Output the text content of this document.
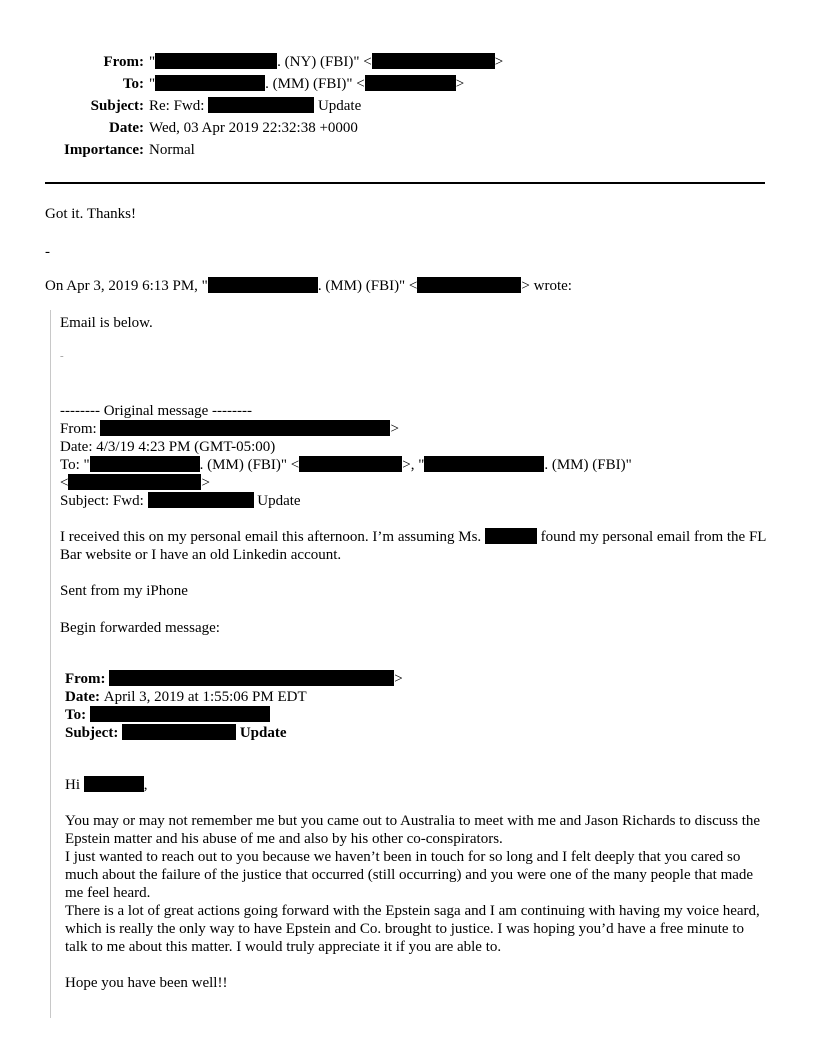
From: "	. (NY) (FBI)" <	>
To: "	. (MM) (FBI)" <	>
Subject: Re: Fwd:	Update
Date: Wed, 03 Apr 2019 22:32:38 +0000
Importance: Normal
Got it. Thanks!
-
On Apr 3, 2019 6:13 PM, "	. (MM) (FBI)" <	> wrote:
Email is below.
-
-------- Original message --------
From:	>
Date: 4/3/19 4:23 PM (GMT-05:00)
To: "	. (MM) (FBI)" <	>, "	. (MM) (FBI)"
<	>
Subject: Fwd:	Update
I received this on my personal email this afternoon. I’m assuming Ms.	found my personal email from the FL Bar website or I have an old Linkedin account.
Sent from my iPhone
Begin forwarded message:
From:	>
Date: April 3, 2019 at 1:55:06 PM EDT
To:
Subject:	Update
Hi	,
You may or may not remember me but you came out to Australia to meet with me and Jason Richards to discuss the Epstein matter and his abuse of me and also by his other co-conspirators.
I just wanted to reach out to you because we haven’t been in touch for so long and I felt deeply that you cared so much about the failure of the justice that occurred (still occurring) and you were one of the many people that made me feel heard.
There is a lot of great actions going forward with the Epstein saga and I am continuing with having my voice heard, which is really the only way to have Epstein and Co. brought to justice. I was hoping you’d have a free minute to talk to me about this matter. I would truly appreciate it if you are able to.
Hope you have been well!!
